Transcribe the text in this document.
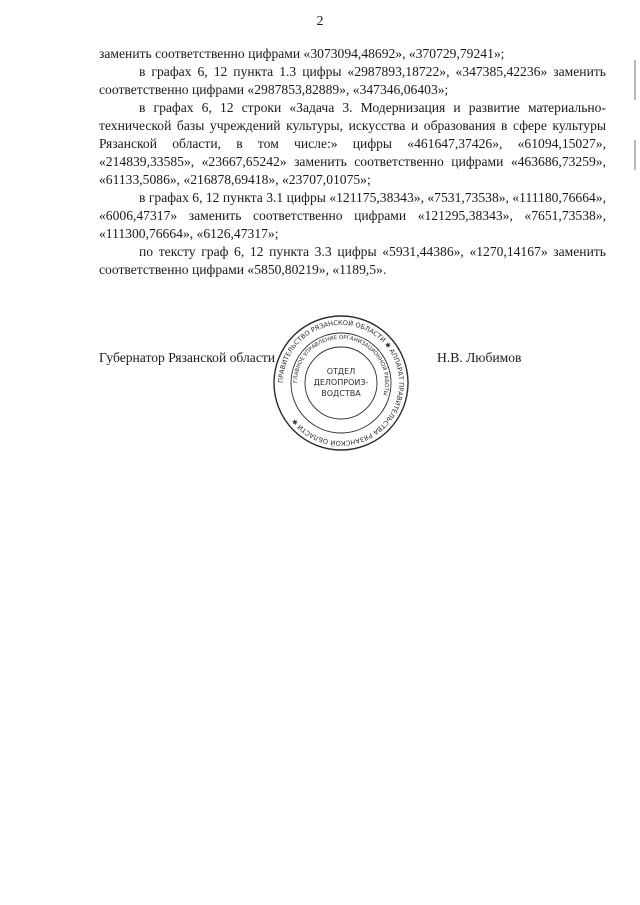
2

заменить соответственно цифрами «3073094,48692», «370729,79241»;

в графах 6, 12 пункта 1.3 цифры «2987893,18722», «347385,42236» заменить соответственно цифрами «2987853,82889», «347346,06403»;

в графах 6, 12 строки «Задача 3. Модернизация и развитие материально-технической базы учреждений культуры, искусства и образования в сфере культуры Рязанской области, в том числе:» цифры «461647,37426», «61094,15027», «214839,33585», «23667,65242» заменить соответственно цифрами «463686,73259», «61133,5086», «216878,69418», «23707,01075»;

в графах 6, 12 пункта 3.1 цифры «121175,38343», «7531,73538», «111180,76664», «6006,47317» заменить соответственно цифрами «121295,38343», «7651,73538», «111300,76664», «6126,47317»;

по тексту граф 6, 12 пункта 3.3 цифры «5931,44386», «1270,14167» заменить соответственно цифрами «5850,80219», «1189,5».

Губернатор Рязанской области	Н.В. Любимов
ПРАВИТЕЛЬСТВО РЯЗАНСКОЙ ОБЛАСТИ ✱ АППАРАТ ПРАВИТЕЛЬСТВА РЯЗАНСКОЙ ОБЛАСТИ ✱
ГЛАВНОЕ УПРАВЛЕНИЕ ОРГАНИЗАЦИОННОЙ РАБОТЫ
ОТДЕЛ
ДЕЛОПРОИЗ-
ВОДСТВА
